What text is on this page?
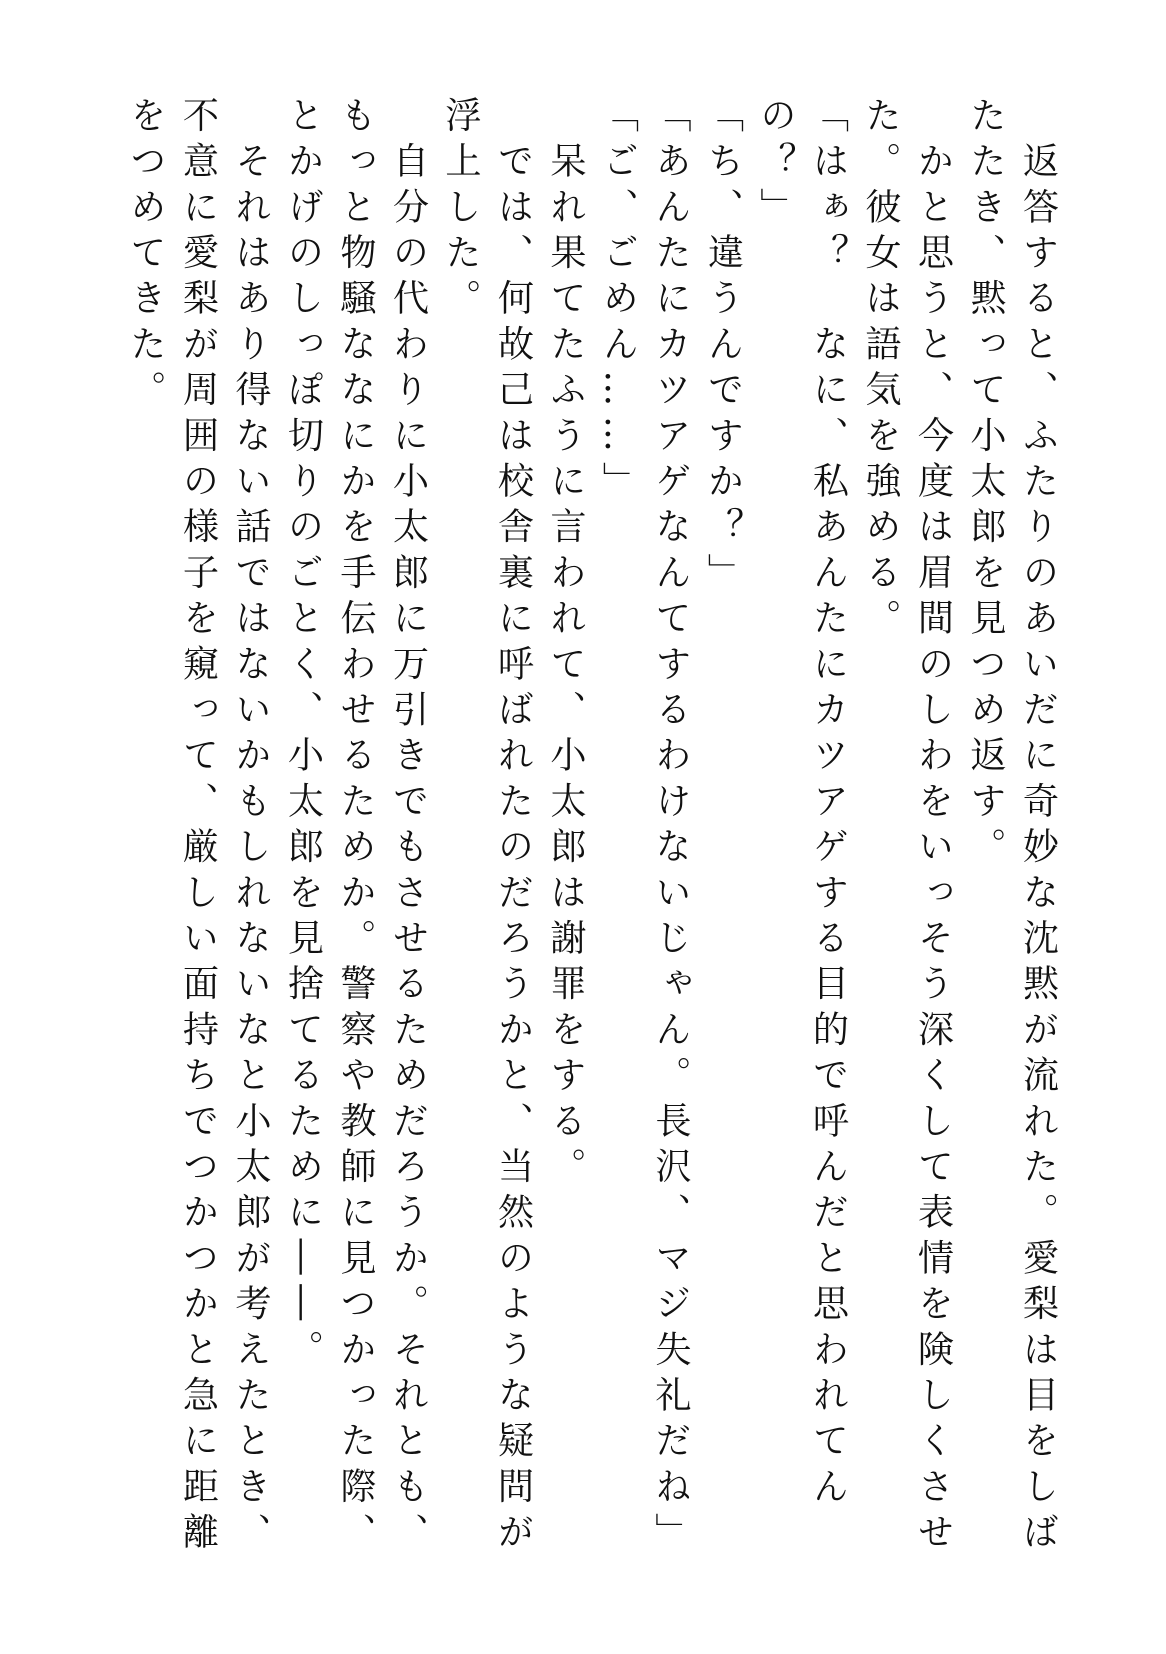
　返答すると、ふたりのあいだに奇妙な沈黙が流れた。愛梨は目をしばたたき、黙って小太郎を見つめ返す。

　かと思うと、今度は眉間のしわをいっそう深くして表情を険しくさせた。彼女は語気を強める。

「はぁ？　なに、私あんたにカツアゲする目的で呼んだと思われてんの？」

「ち、違うんですか？」

「あんたにカツアゲなんてするわけないじゃん。長沢、マジ失礼だね」

「ご、ごめん……」

　呆れ果てたふうに言われて、小太郎は謝罪をする。

　では、何故己は校舎裏に呼ばれたのだろうかと、当然のような疑問が浮上した。

　自分の代わりに小太郎に万引きでもさせるためだろうか。それとも、もっと物騒ななにかを手伝わせるためか。警察や教師に見つかった際、とかげのしっぽ切りのごとく、小太郎を見捨てるために――。

　それはあり得ない話ではないかもしれないなと小太郎が考えたとき、不意に愛梨が周囲の様子を窺って、厳しい面持ちでつかつかと急に距離をつめてきた。
